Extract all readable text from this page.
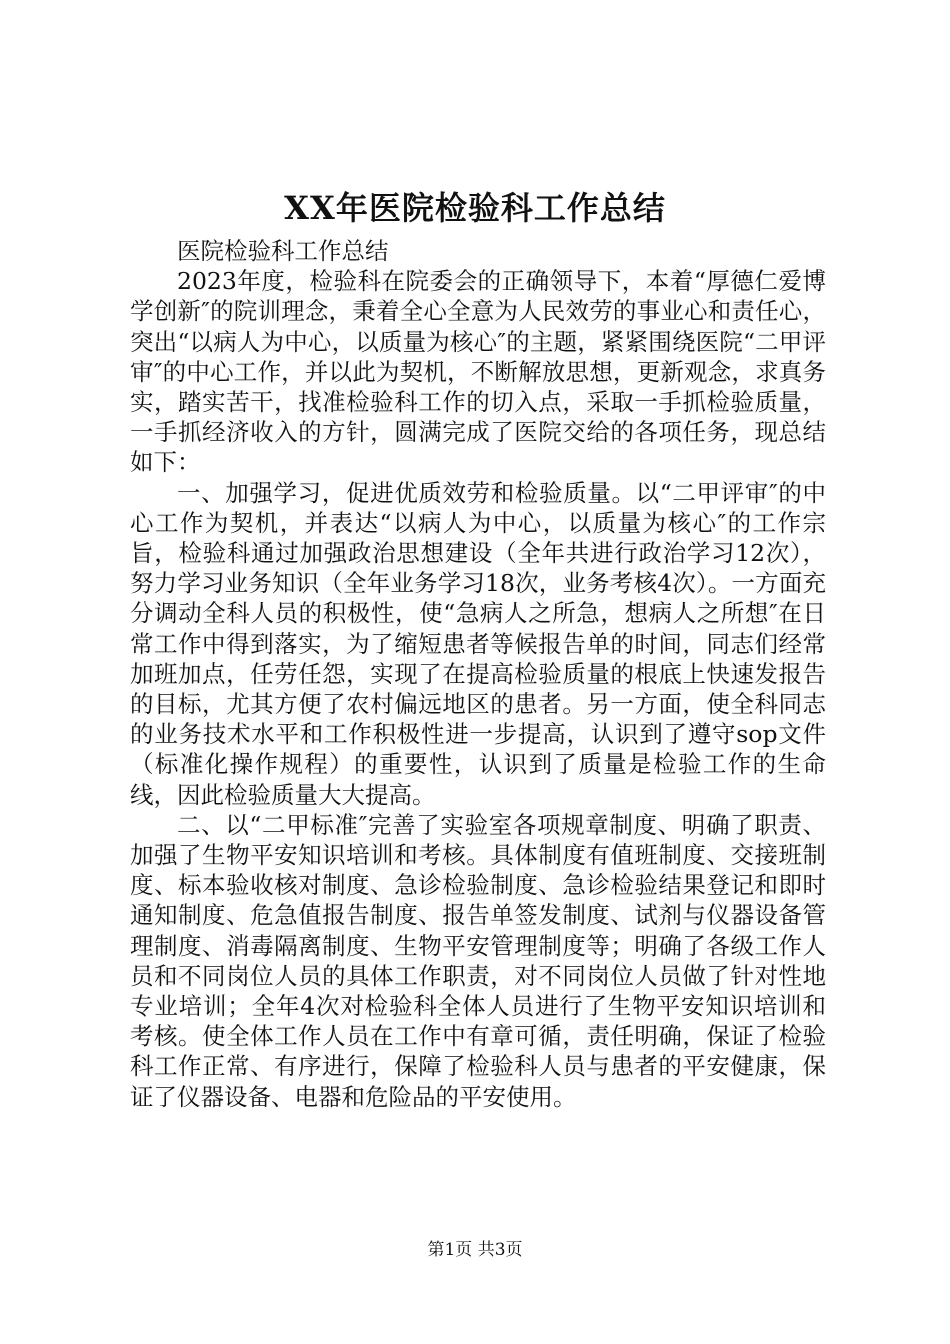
XX年医院检验科工作总结

医院检验科工作总结

2023年度，检验科在院委会的正确领导下，本着“厚德仁爱博学创新″的院训理念，秉着全心全意为人民效劳的事业心和责任心，突出“以病人为中心，以质量为核心″的主题，紧紧围绕医院“二甲评审″的中心工作，并以此为契机，不断解放思想，更新观念，求真务实，踏实苦干，找准检验科工作的切入点，采取一手抓检验质量，一手抓经济收入的方针，圆满完成了医院交给的各项任务，现总结如下：

一、加强学习，促进优质效劳和检验质量。以“二甲评审″的中心工作为契机，并表达“以病人为中心，以质量为核心″的工作宗旨，检验科通过加强政治思想建设（全年共进行政治学习12次），努力学习业务知识（全年业务学习18次，业务考核4次）。一方面充分调动全科人员的积极性，使“急病人之所急，想病人之所想″在日常工作中得到落实，为了缩短患者等候报告单的时间，同志们经常加班加点，任劳任怨，实现了在提高检验质量的根底上快速发报告的目标，尤其方便了农村偏远地区的患者。另一方面，使全科同志的业务技术水平和工作积极性进一步提高，认识到了遵守sop文件（标准化操作规程）的重要性，认识到了质量是检验工作的生命线，因此检验质量大大提高。

二、以“二甲标准″完善了实验室各项规章制度、明确了职责、加强了生物平安知识培训和考核。具体制度有值班制度、交接班制度、标本验收核对制度、急诊检验制度、急诊检验结果登记和即时通知制度、危急值报告制度、报告单签发制度、试剂与仪器设备管理制度、消毒隔离制度、生物平安管理制度等；明确了各级工作人员和不同岗位人员的具体工作职责，对不同岗位人员做了针对性地专业培训；全年4次对检验科全体人员进行了生物平安知识培训和考核。使全体工作人员在工作中有章可循，责任明确，保证了检验科工作正常、有序进行，保障了检验科人员与患者的平安健康，保证了仪器设备、电器和危险品的平安使用。

第1页 共3页
